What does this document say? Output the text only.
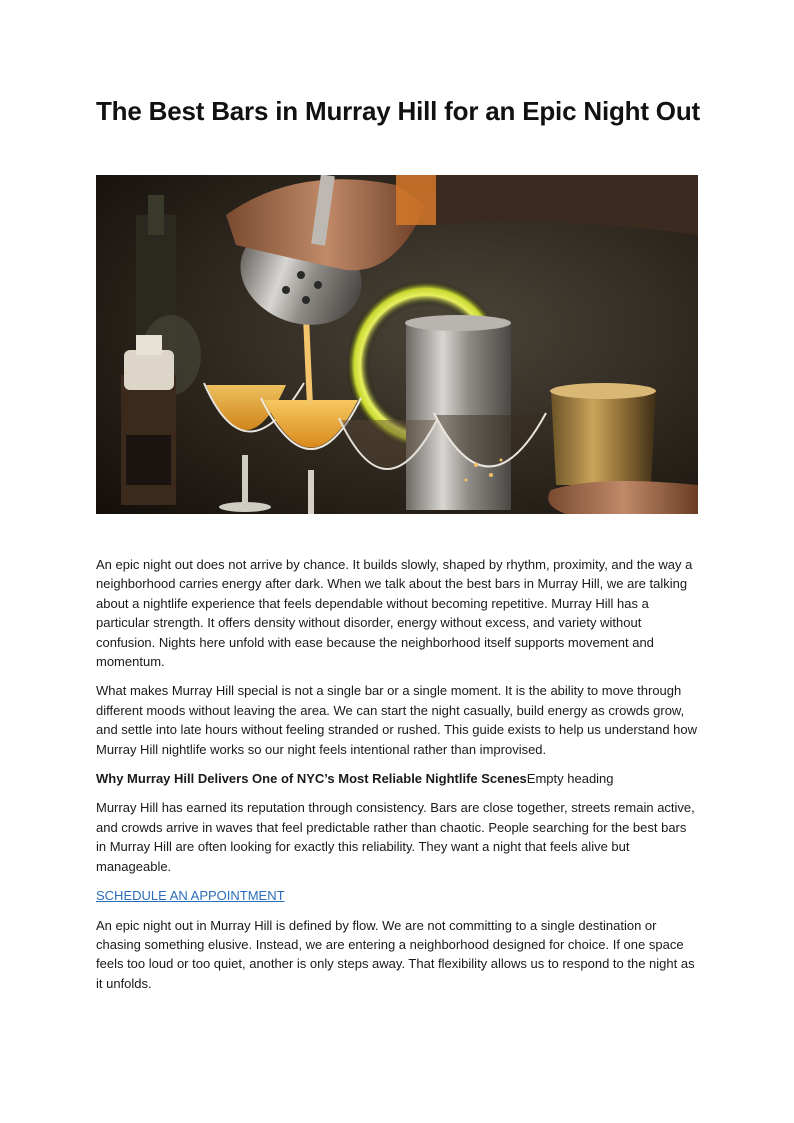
The Best Bars in Murray Hill for an Epic Night Out

An epic night out does not arrive by chance. It builds slowly, shaped by rhythm, proximity, and the way a neighborhood carries energy after dark. When we talk about the best bars in Murray Hill, we are talking about a nightlife experience that feels dependable without becoming repetitive. Murray Hill has a particular strength. It offers density without disorder, energy without excess, and variety without confusion. Nights here unfold with ease because the neighborhood itself supports movement and momentum.

What makes Murray Hill special is not a single bar or a single moment. It is the ability to move through different moods without leaving the area. We can start the night casually, build energy as crowds grow, and settle into late hours without feeling stranded or rushed. This guide exists to help us understand how Murray Hill nightlife works so our night feels intentional rather than improvised.

Why Murray Hill Delivers One of NYC’s Most Reliable Nightlife ScenesEmpty heading

Murray Hill has earned its reputation through consistency. Bars are close together, streets remain active, and crowds arrive in waves that feel predictable rather than chaotic. People searching for the best bars in Murray Hill are often looking for exactly this reliability. They want a night that feels alive but manageable.

SCHEDULE AN APPOINTMENT

An epic night out in Murray Hill is defined by flow. We are not committing to a single destination or chasing something elusive. Instead, we are entering a neighborhood designed for choice. If one space feels too loud or too quiet, another is only steps away. That flexibility allows us to respond to the night as it unfolds.
